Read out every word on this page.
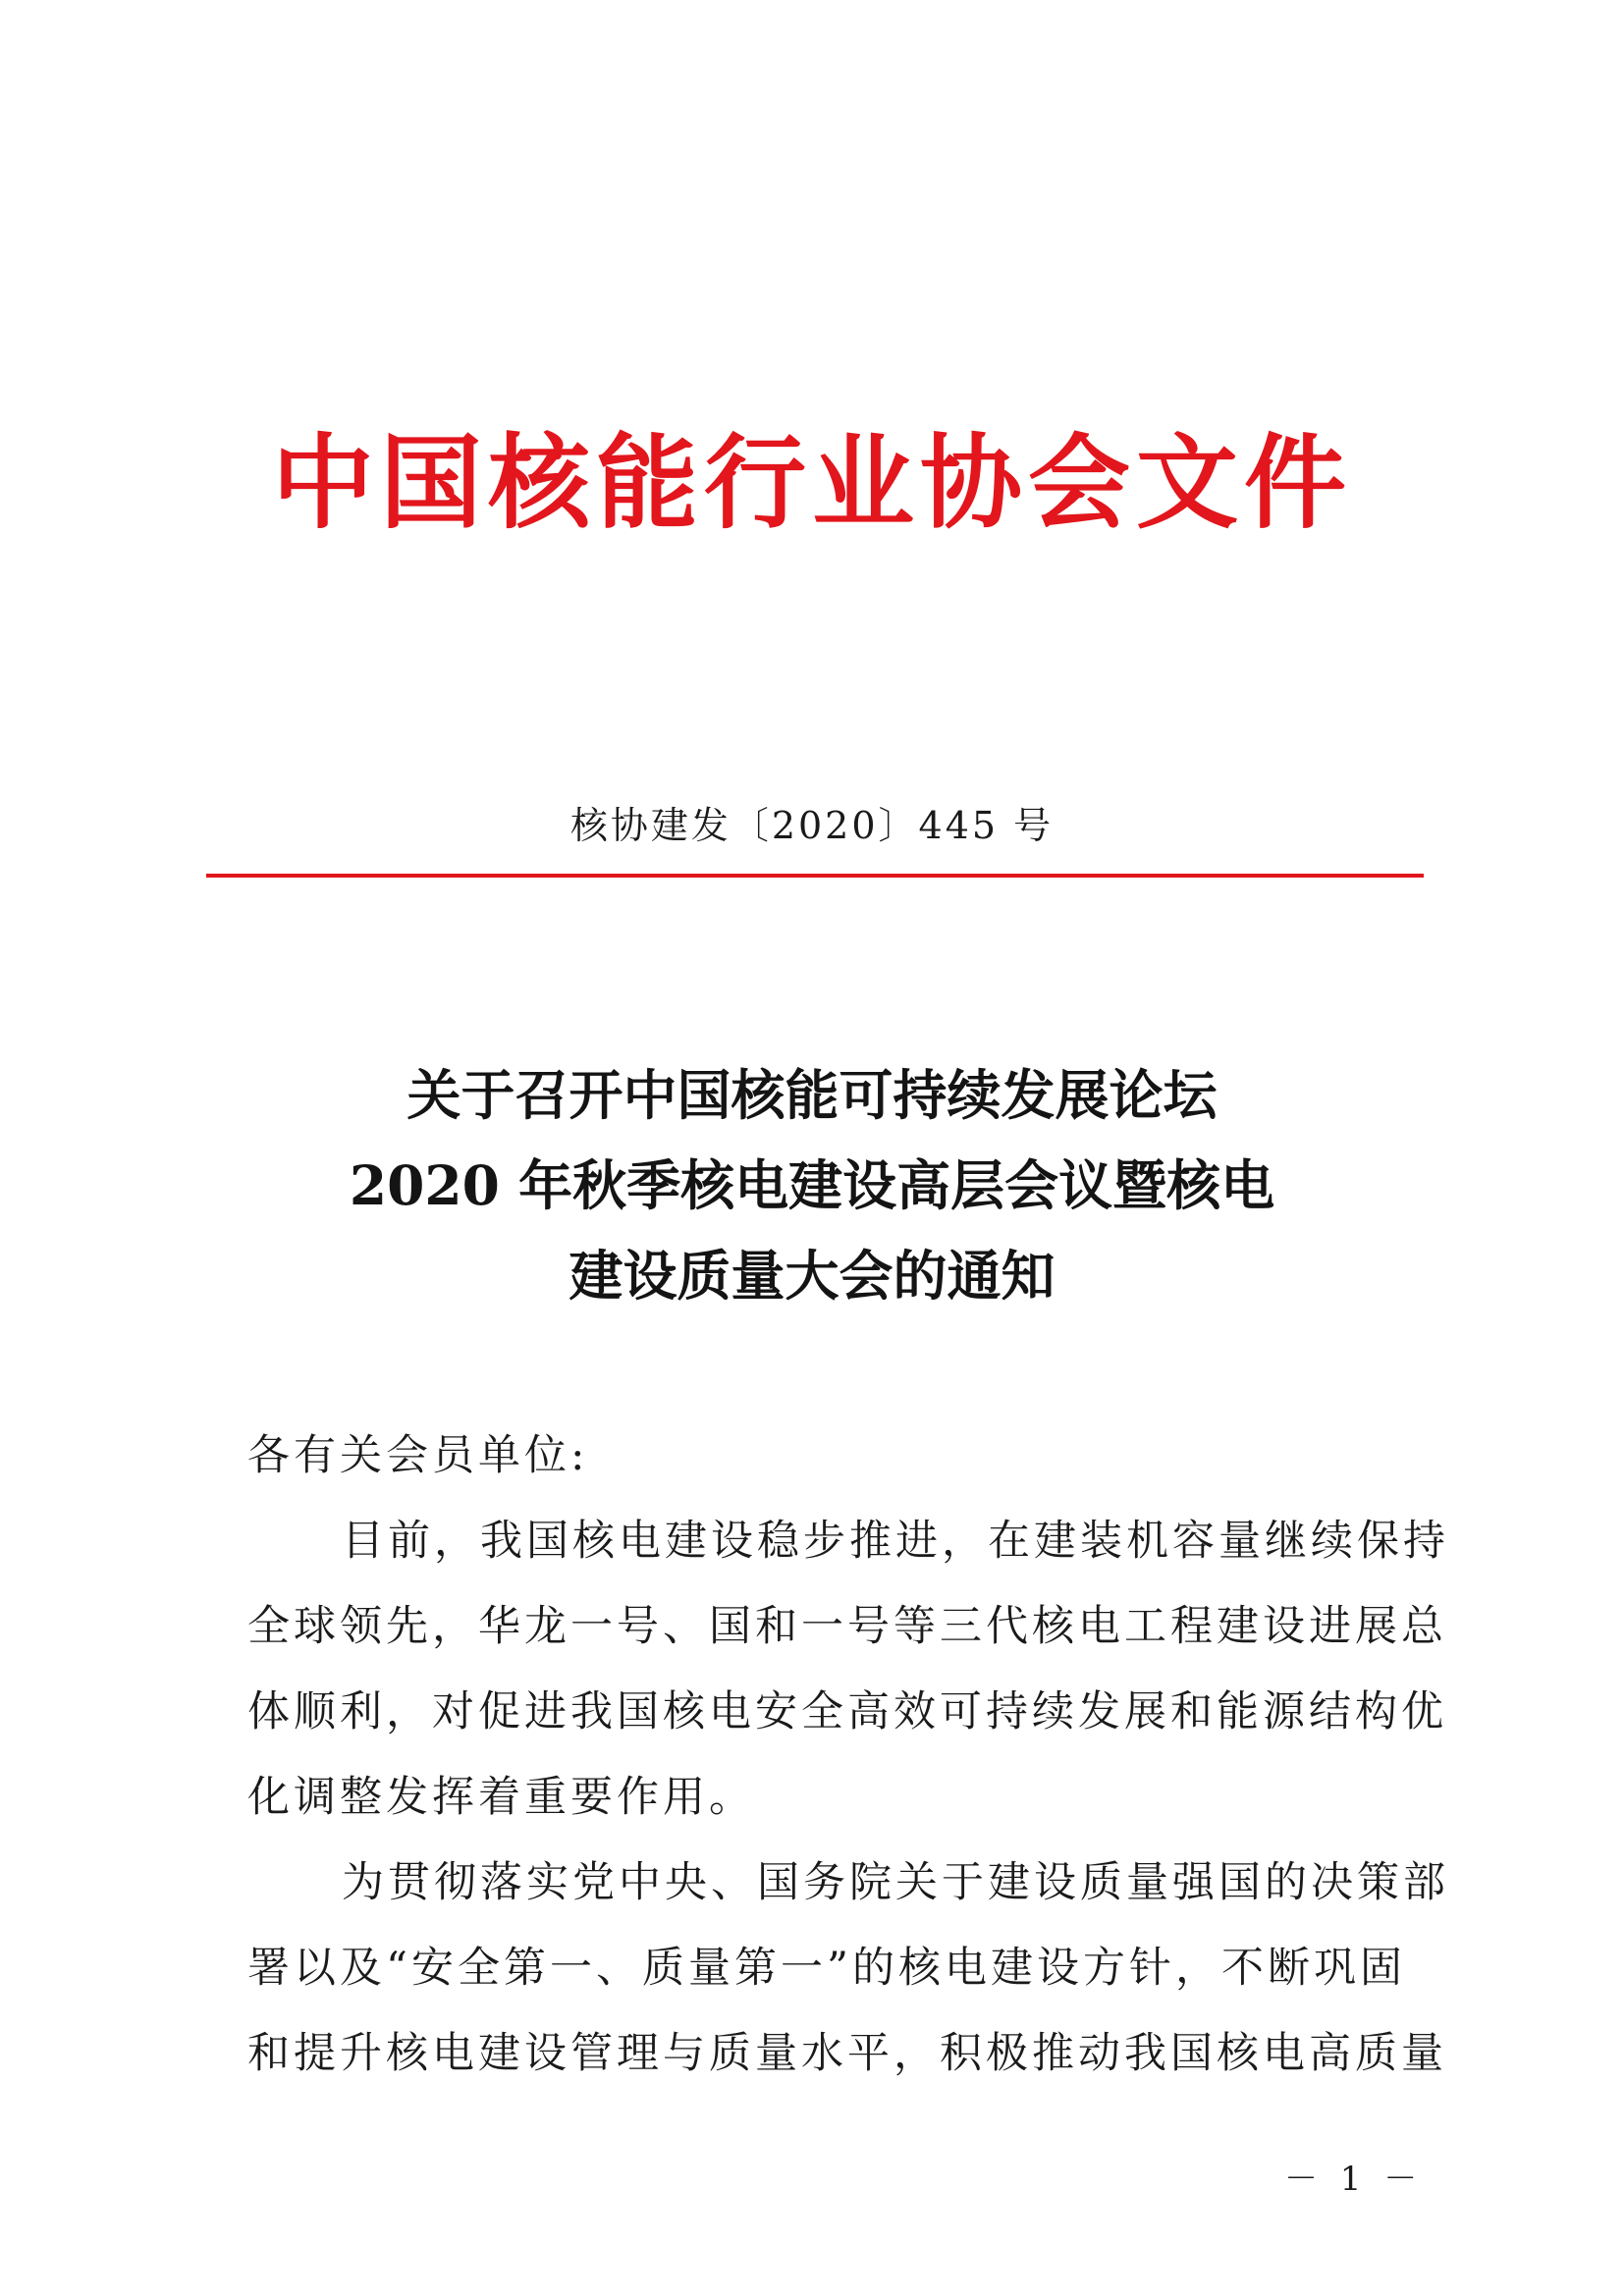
中国核能行业协会文件
核协建发〔2020〕445 号
关于召开中国核能可持续发展论坛
2020 年秋季核电建设高层会议暨核电
建设质量大会的通知
各有关会员单位:
目前，我国核电建设稳步推进，在建装机容量继续保持
全球领先，华龙一号、国和一号等三代核电工程建设进展总
体顺利，对促进我国核电安全高效可持续发展和能源结构优
化调整发挥着重要作用。
为贯彻落实党中央、国务院关于建设质量强国的决策部
署以及“安全第一、质量第一”的核电建设方针，不断巩固
和提升核电建设管理与质量水平，积极推动我国核电高质量
－ 1 －
